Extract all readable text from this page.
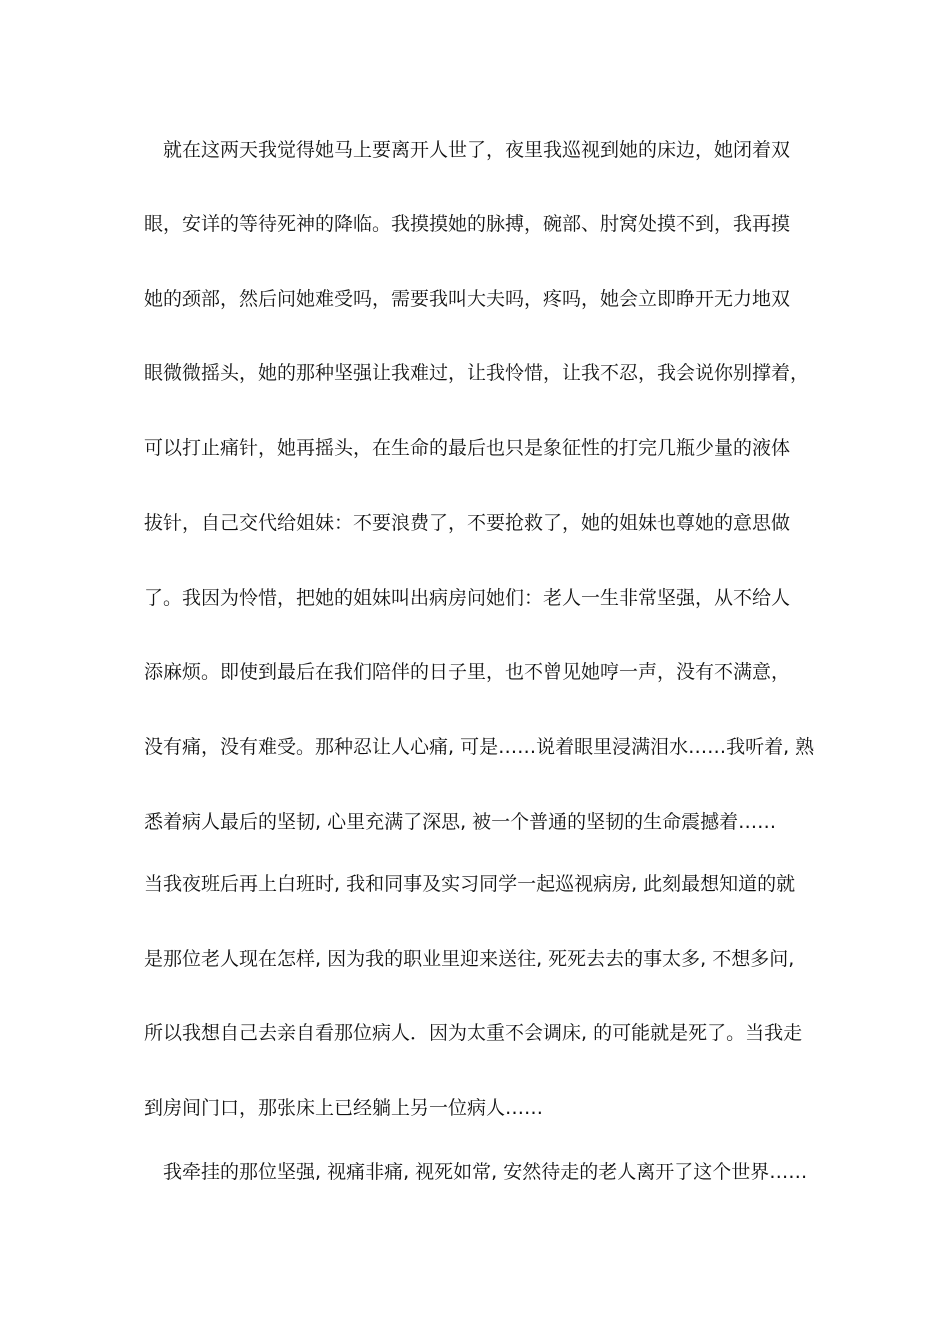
　就在这两天我觉得她马上要离开人世了，夜里我巡视到她的床边，她闭着双
眼，安详的等待死神的降临。我摸摸她的脉搏，碗部、肘窝处摸不到，我再摸
她的颈部，然后问她难受吗，需要我叫大夫吗，疼吗，她会立即睁开无力地双
眼微微摇头，她的那种坚强让我难过，让我怜惜，让我不忍，我会说你别撑着，
可以打止痛针，她再摇头，在生命的最后也只是象征性的打完几瓶少量的液体
拔针，自己交代给姐妹：不要浪费了，不要抢救了，她的姐妹也尊她的意思做
了。我因为怜惜，把她的姐妹叫出病房问她们：老人一生非常坚强，从不给人
添麻烦。即使到最后在我们陪伴的日子里，也不曾见她哼一声，没有不满意，
没有痛，没有难受。那种忍让人心痛, 可是……说着眼里浸满泪水……我听着, 熟
悉着病人最后的坚韧, 心里充满了深思, 被一个普通的坚韧的生命震撼着……
当我夜班后再上白班时, 我和同事及实习同学一起巡视病房, 此刻最想知道的就
是那位老人现在怎样, 因为我的职业里迎来送往, 死死去去的事太多, 不想多问,
所以我想自己去亲自看那位病人．因为太重不会调床, 的可能就是死了。当我走
到房间门口，那张床上已经躺上另一位病人……
　我牵挂的那位坚强, 视痛非痛, 视死如常, 安然待走的老人离开了这个世界……
